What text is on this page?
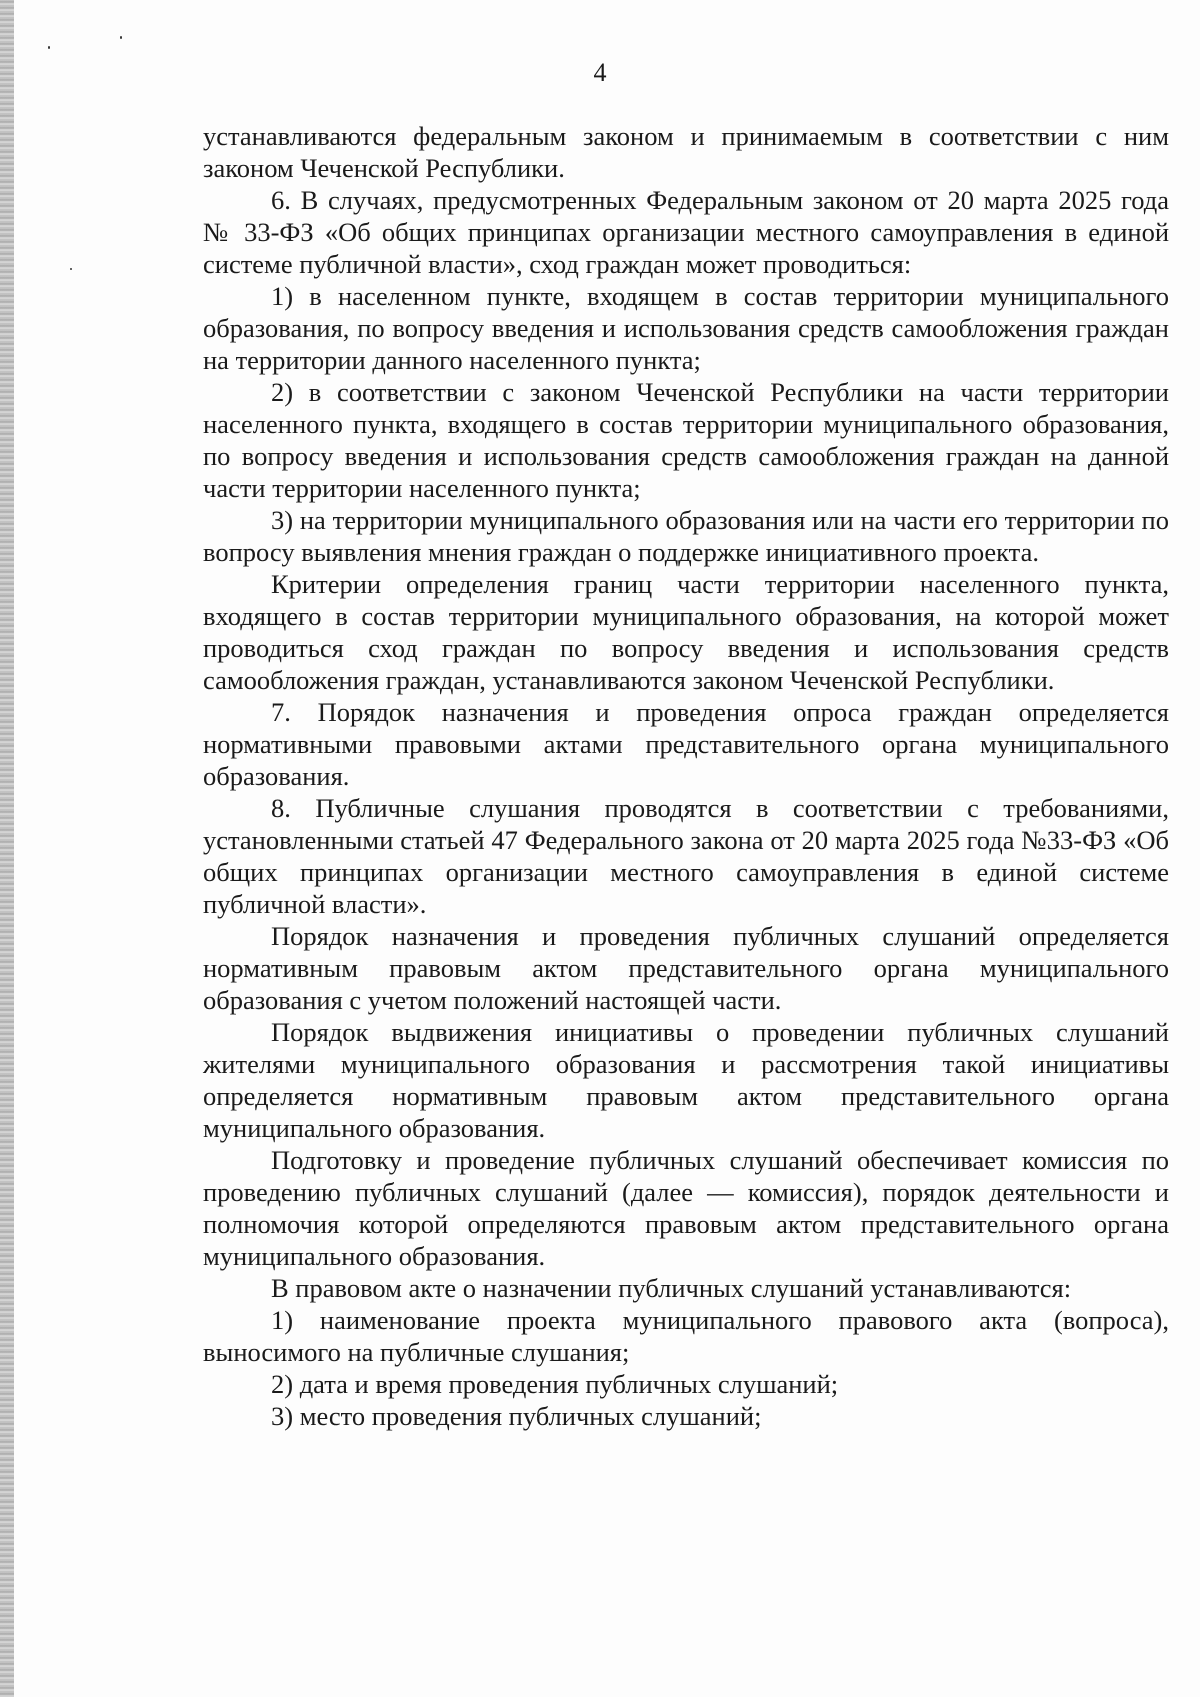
4

устанавливаются федеральным законом и принимаемым в соответствии с ним законом Чеченской Республики.

6. В случаях, предусмотренных Федеральным законом от 20 марта 2025 года № 33-ФЗ «Об общих принципах организации местного самоуправления в единой системе публичной власти», сход граждан может проводиться:

1) в населенном пункте, входящем в состав территории муниципального образования, по вопросу введения и использования средств самообложения граждан на территории данного населенного пункта;

2) в соответствии с законом Чеченской Республики на части территории населенного пункта, входящего в состав территории муниципального образования, по вопросу введения и использования средств самообложения граждан на данной части территории населенного пункта;

3) на территории муниципального образования или на части его территории по вопросу выявления мнения граждан о поддержке инициативного проекта.

Критерии определения границ части территории населенного пункта, входящего в состав территории муниципального образования, на которой может проводиться сход граждан по вопросу введения и использования средств самообложения граждан, устанавливаются законом Чеченской Республики.

7. Порядок назначения и проведения опроса граждан определяется нормативными правовыми актами представительного органа муниципального образования.

8. Публичные слушания проводятся в соответствии с требованиями, установленными статьей 47 Федерального закона от 20 марта 2025 года №33-ФЗ «Об общих принципах организации местного самоуправления в единой системе публичной власти».

Порядок назначения и проведения публичных слушаний определяется нормативным правовым актом представительного органа муниципального образования с учетом положений настоящей части.

Порядок выдвижения инициативы о проведении публичных слушаний жителями муниципального образования и рассмотрения такой инициативы определяется нормативным правовым актом представительного органа муниципального образования.

Подготовку и проведение публичных слушаний обеспечивает комиссия по проведению публичных слушаний (далее — комиссия), порядок деятельности и полномочия которой определяются правовым актом представительного органа муниципального образования.

В правовом акте о назначении публичных слушаний устанавливаются:

1) наименование проекта муниципального правового акта (вопроса), выносимого на публичные слушания;

2) дата и время проведения публичных слушаний;

3) место проведения публичных слушаний;
